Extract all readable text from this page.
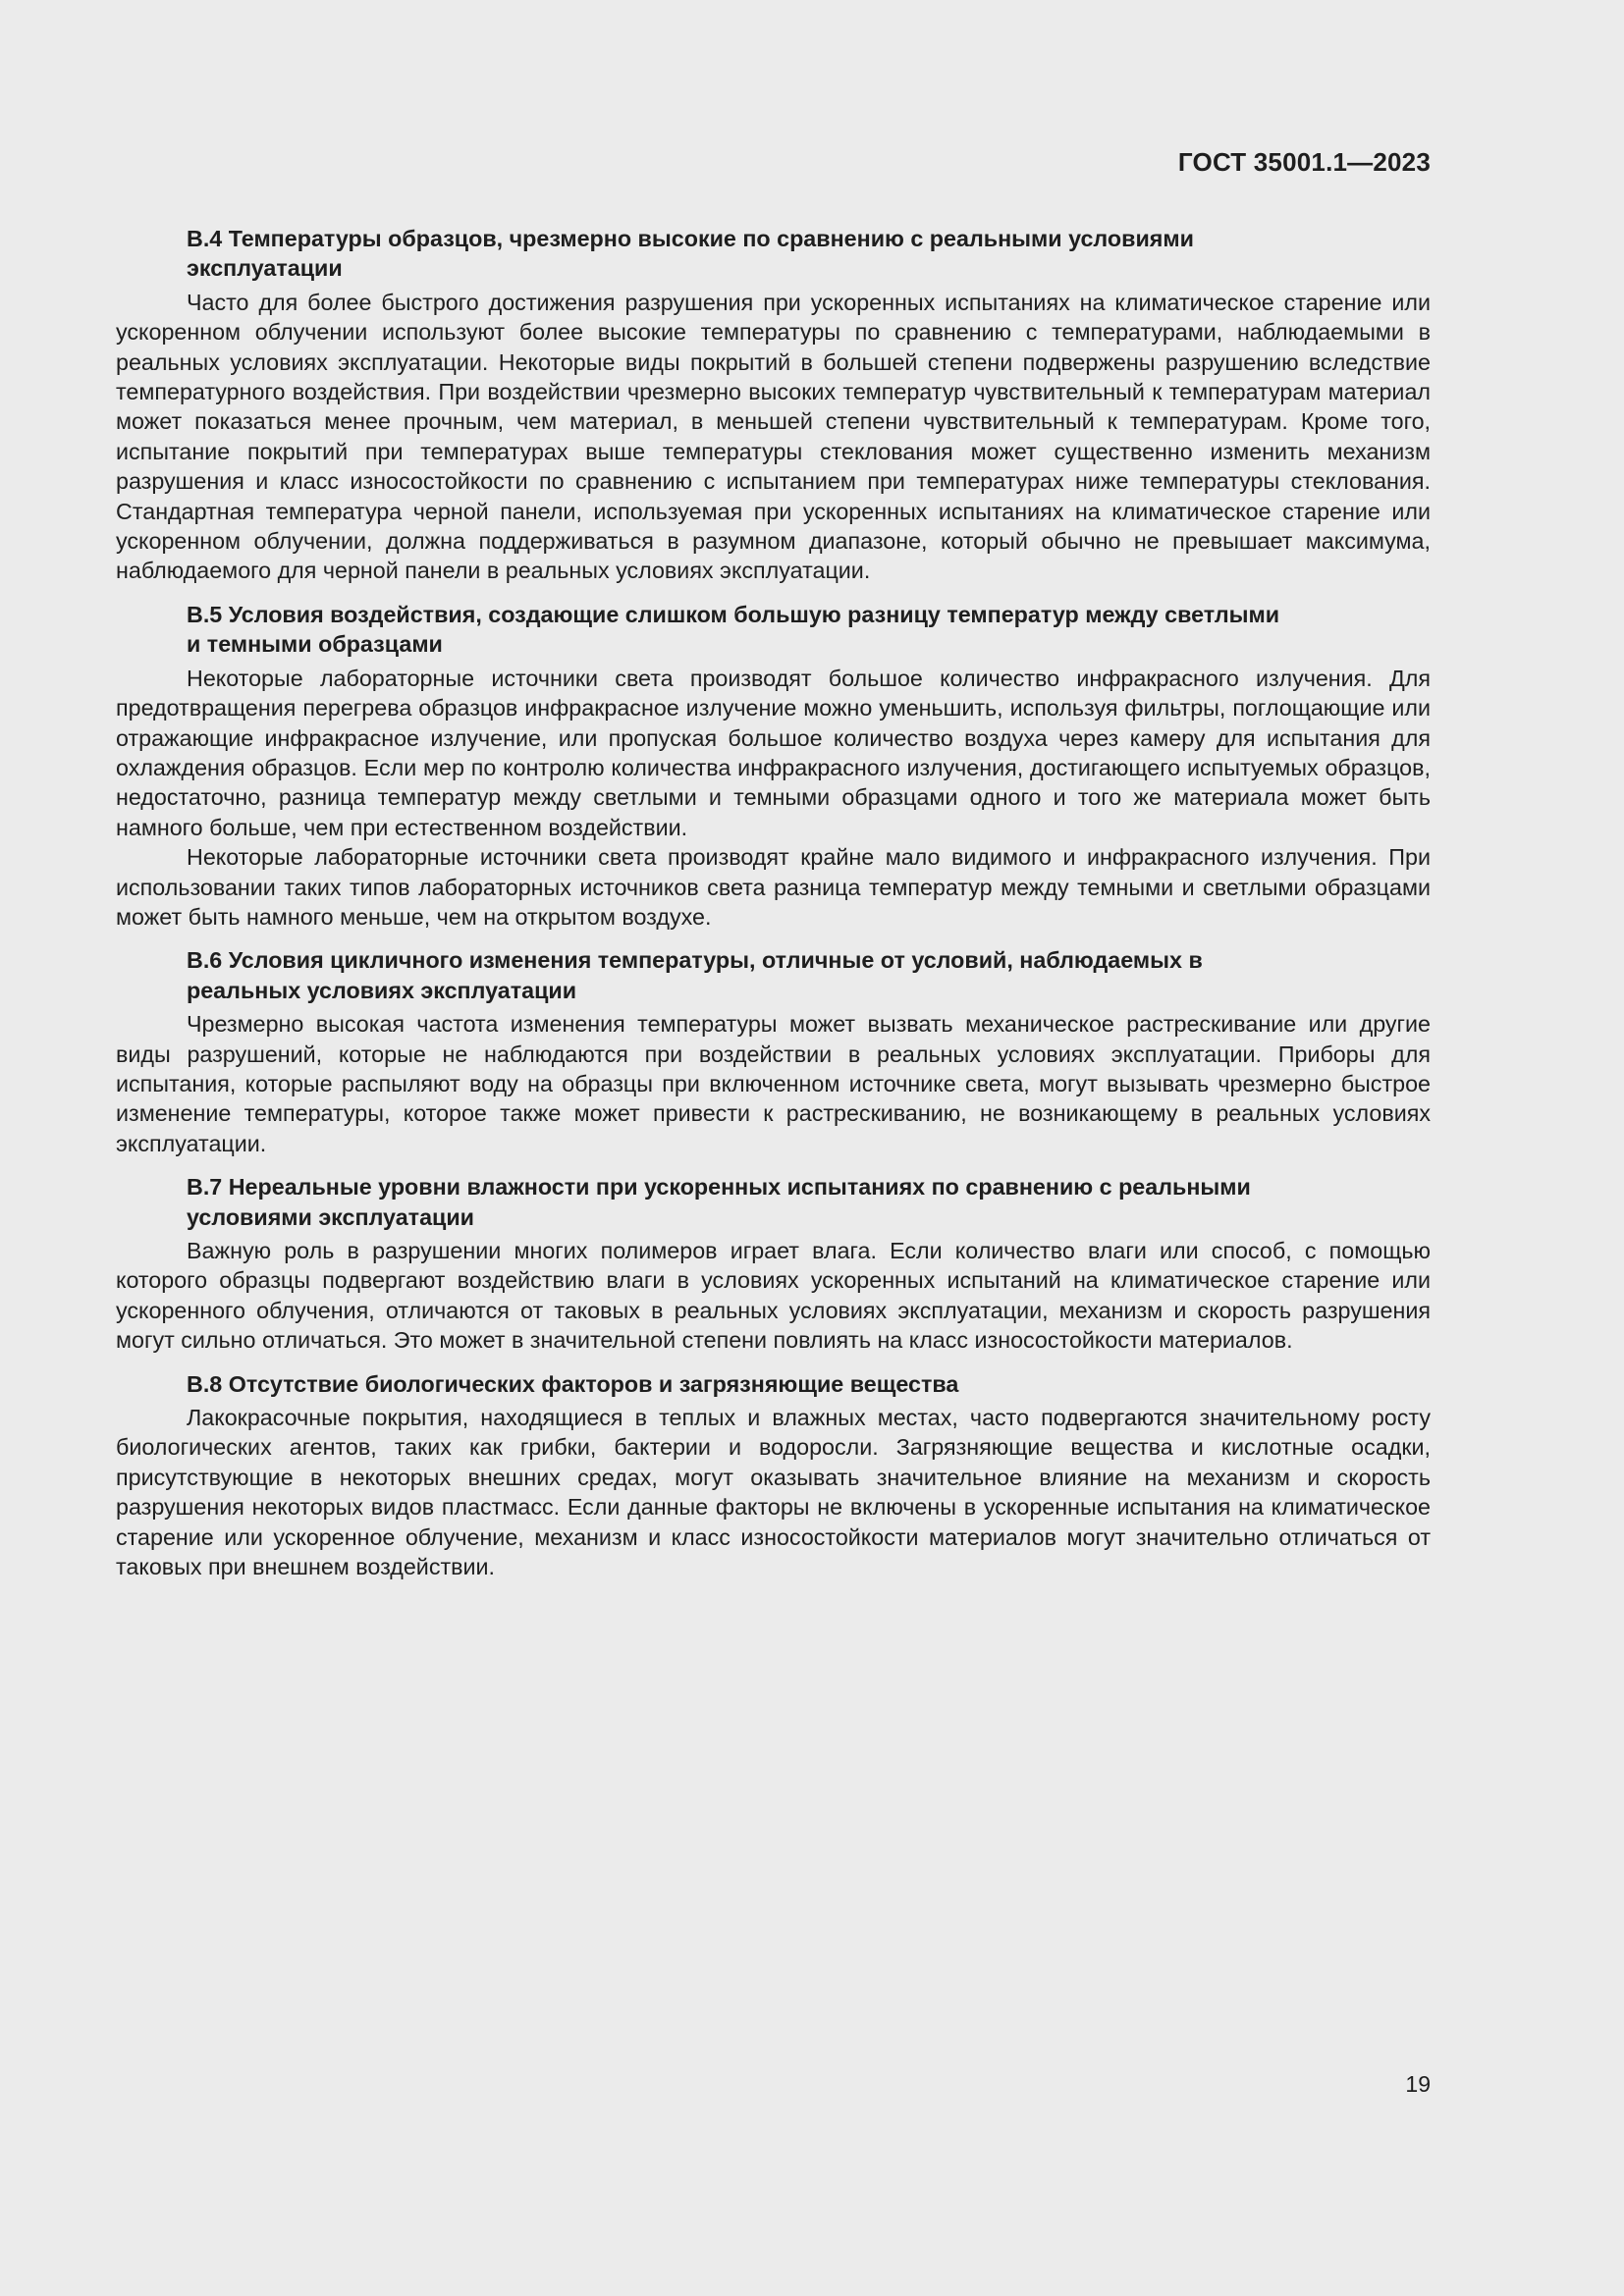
ГОСТ 35001.1—2023
В.4 Температуры образцов, чрезмерно высокие по сравнению с реальными условиями эксплуатации

Часто для более быстрого достижения разрушения при ускоренных испытаниях на климатическое старение или ускоренном облучении используют более высокие температуры по сравнению с температурами, наблюдаемыми в реальных условиях эксплуатации. Некоторые виды покрытий в большей степени подвержены разрушению вследствие температурного воздействия. При воздействии чрезмерно высоких температур чувствительный к температурам материал может показаться менее прочным, чем материал, в меньшей степени чувствительный к температурам. Кроме того, испытание покрытий при температурах выше температуры стеклования может существенно изменить механизм разрушения и класс износостойкости по сравнению с испытанием при температурах ниже температуры стеклования. Стандартная температура черной панели, используемая при ускоренных испытаниях на климатическое старение или ускоренном облучении, должна поддерживаться в разумном диапазоне, который обычно не превышает максимума, наблюдаемого для черной панели в реальных условиях эксплуатации.

В.5 Условия воздействия, создающие слишком большую разницу температур между светлыми и темными образцами

Некоторые лабораторные источники света производят большое количество инфракрасного излучения. Для предотвращения перегрева образцов инфракрасное излучение можно уменьшить, используя фильтры, поглощающие или отражающие инфракрасное излучение, или пропуская большое количество воздуха через камеру для испытания для охлаждения образцов. Если мер по контролю количества инфракрасного излучения, достигающего испытуемых образцов, недостаточно, разница температур между светлыми и темными образцами одного и того же материала может быть намного больше, чем при естественном воздействии.

Некоторые лабораторные источники света производят крайне мало видимого и инфракрасного излучения. При использовании таких типов лабораторных источников света разница температур между темными и светлыми образцами может быть намного меньше, чем на открытом воздухе.

В.6 Условия цикличного изменения температуры, отличные от условий, наблюдаемых в реальных условиях эксплуатации

Чрезмерно высокая частота изменения температуры может вызвать механическое растрескивание или другие виды разрушений, которые не наблюдаются при воздействии в реальных условиях эксплуатации. Приборы для испытания, которые распыляют воду на образцы при включенном источнике света, могут вызывать чрезмерно быстрое изменение температуры, которое также может привести к растрескиванию, не возникающему в реальных условиях эксплуатации.

В.7 Нереальные уровни влажности при ускоренных испытаниях по сравнению с реальными условиями эксплуатации

Важную роль в разрушении многих полимеров играет влага. Если количество влаги или способ, с помощью которого образцы подвергают воздействию влаги в условиях ускоренных испытаний на климатическое старение или ускоренного облучения, отличаются от таковых в реальных условиях эксплуатации, механизм и скорость разрушения могут сильно отличаться. Это может в значительной степени повлиять на класс износостойкости материалов.

В.8 Отсутствие биологических факторов и загрязняющие вещества

Лакокрасочные покрытия, находящиеся в теплых и влажных местах, часто подвергаются значительному росту биологических агентов, таких как грибки, бактерии и водоросли. Загрязняющие вещества и кислотные осадки, присутствующие в некоторых внешних средах, могут оказывать значительное влияние на механизм и скорость разрушения некоторых видов пластмасс. Если данные факторы не включены в ускоренные испытания на климатическое старение или ускоренное облучение, механизм и класс износостойкости материалов могут значительно отличаться от таковых при внешнем воздействии.

19
